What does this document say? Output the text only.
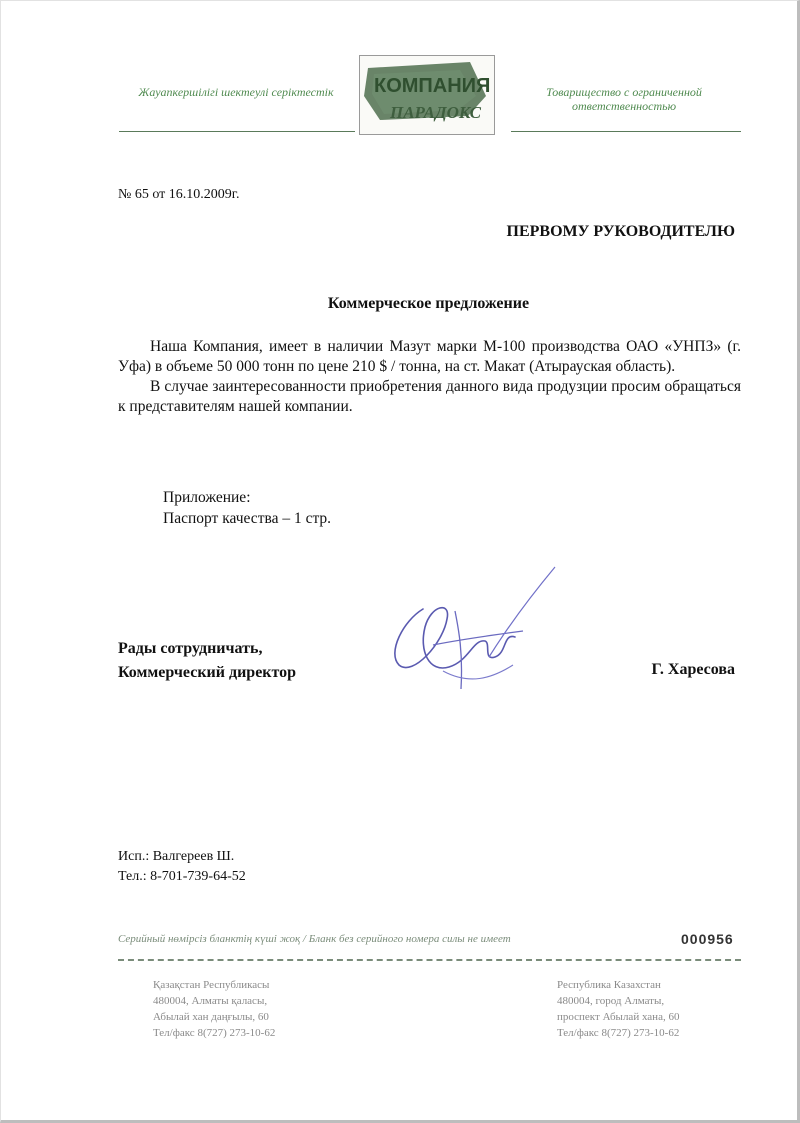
Жауапкершілігі шектеулі серіктестік	КОМПАНИЯ
ПАРАДОКС
Товарищество с ограниченной ответственностью
№ 65 от 16.10.2009г.
ПЕРВОМУ РУКОВОДИТЕЛЮ
Коммерческое предложение

Наша Компания, имеет в наличии Мазут марки М-100 производства ОАО «УНПЗ» (г. Уфа) в объеме 50 000 тонн по цене 210 $ / тонна, на ст. Макат (Атырауская область).

В случае заинтересованности приобретения данного вида продузции просим обращаться к представителям нашей компании.

Приложение:
Паспорт качества – 1 стр.
Рады сотрудничать,
Коммерческий директор	Г. Харесова
Исп.: Валгереев Ш.
Тел.: 8-701-739-64-52
Серийный нөмірсіз бланктің күші жоқ / Бланк без серийного номера силы не имеет	000956
Қазақстан Республикасы
480004, Алматы қаласы,
Абылай хан даңғылы, 60
Тел/факс 8(727) 273-10-62
Республика Казахстан
480004, город Алматы,
проспект Абылай хана, 60
Тел/факс 8(727) 273-10-62
